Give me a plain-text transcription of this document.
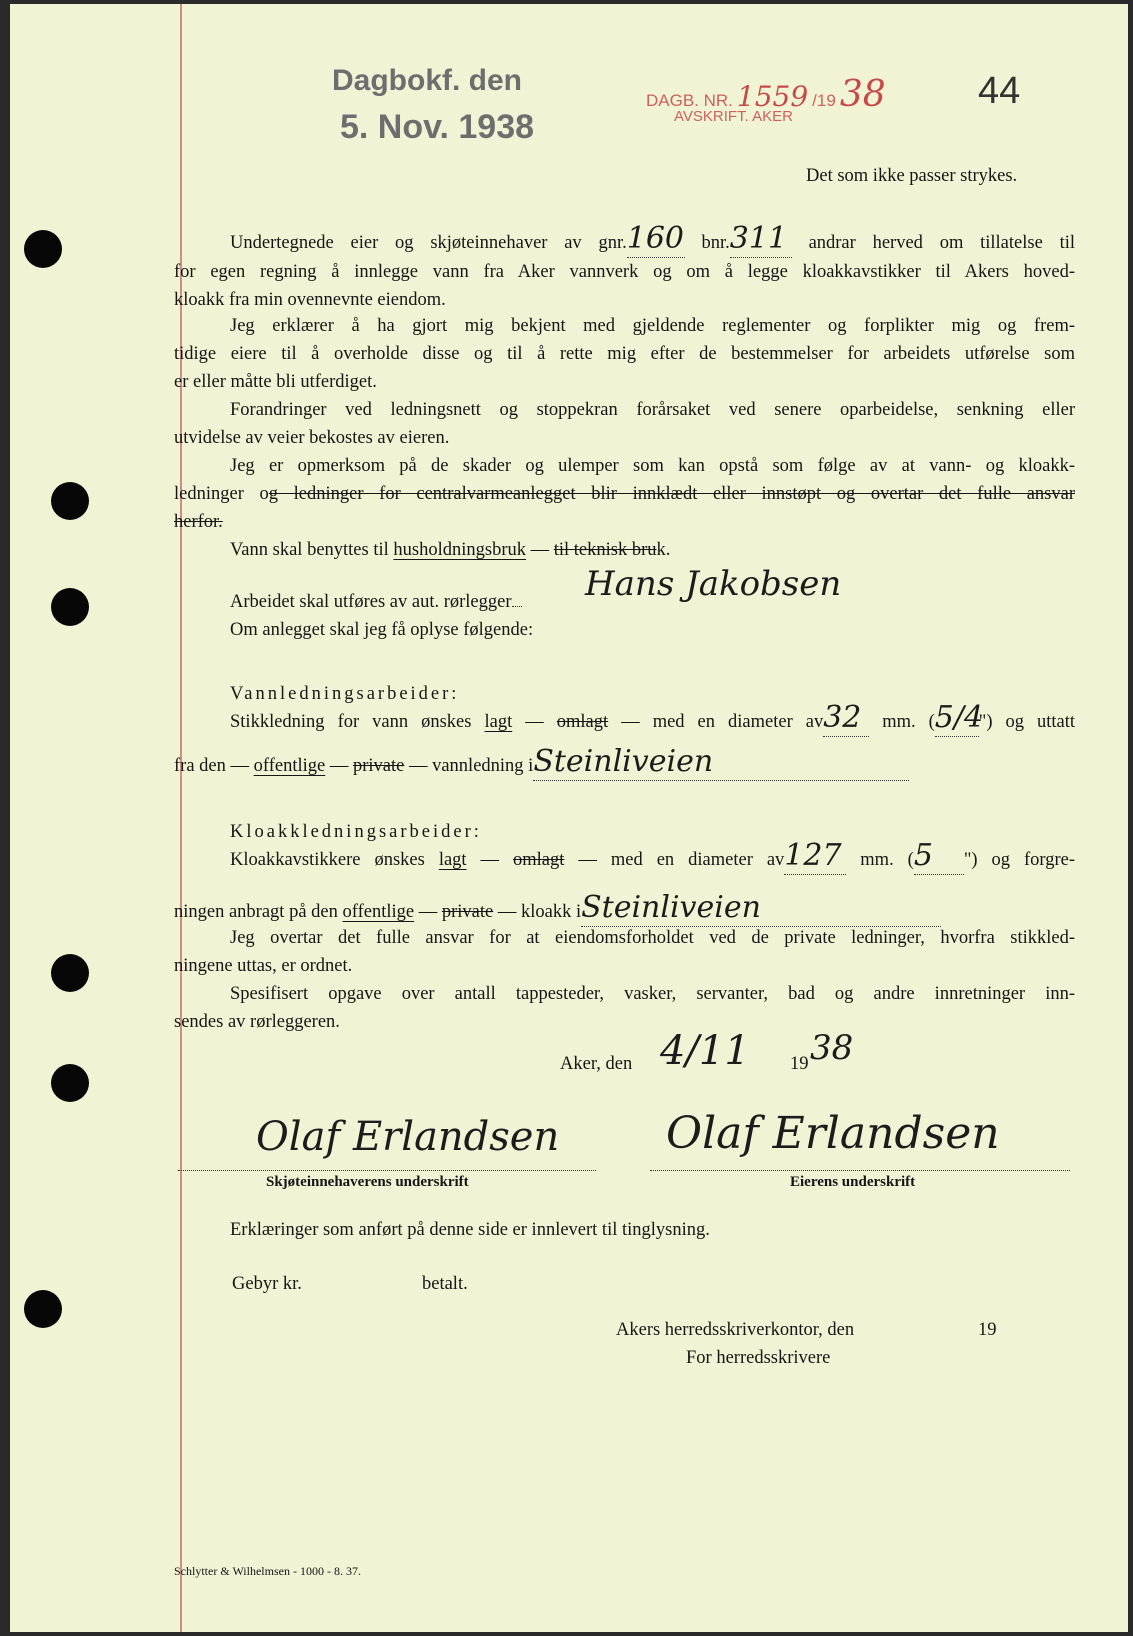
Dagbokf. den
5. Nov. 1938
DAGB. NR. 1559 /19 38
AVSKRIFT. AKER
44
Det som ikke passer strykes.
Undertegnede eier og skjøteinnehaver av gnr.160 bnr.311 andrar herved om tillatelse til
for egen regning å innlegge vann fra Aker vannverk og om å legge kloakkavstikker til Akers hoved-
kloakk fra min ovennevnte eiendom.
Jeg erklærer å ha gjort mig bekjent med gjeldende reglementer og forplikter mig og frem-
tidige eiere til å overholde disse og til å rette mig efter de bestemmelser for arbeidets utførelse som
er eller måtte bli utferdiget.
Forandringer ved ledningsnett og stoppekran forårsaket ved senere oparbeidelse, senkning eller
utvidelse av veier bekostes av eieren.
Jeg er opmerksom på de skader og ulemper som kan opstå som følge av at vann- og kloakk-
ledninger og ledninger for centralvarmeanlegget blir innklædt eller innstøpt og overtar det fulle ansvar
herfor.
Vann skal benyttes til husholdningsbruk — til teknisk bruk.
Arbeidet skal utføres av aut. rørlegger Hans Jakobsen
Om anlegget skal jeg få oplyse følgende:
Vannledningsarbeider:
Stikkledning for vann ønskes lagt — omlagt — med en diameter av32 mm. (5/4") og uttatt
fra den — offentlige — private — vannledning iSteinliveien
Kloakkledningsarbeider:
Kloakkavstikkere ønskes lagt — omlagt — med en diameter av127 mm. (5 ") og forgre-
ningen anbragt på den offentlige — private — kloakk iSteinliveien
Jeg overtar det fulle ansvar for at eiendomsforholdet ved de private ledninger, hvorfra stikkled-
ningene uttas, er ordnet.
Spesifisert opgave over antall tappesteder, vasker, servanter, bad og andre innretninger inn-
sendes av rørleggeren.
Aker, den 4/11 19 38
Olaf Erlandsen
Skjøteinnehaverens underskrift
Olaf Erlandsen
Eierens underskrift
Erklæringer som anført på denne side er innlevert til tinglysning.
Gebyr kr.	betalt.
Akers herredsskriverkontor, den	19
For herredsskrivere
Schlytter & Wilhelmsen - 1000 - 8. 37.
